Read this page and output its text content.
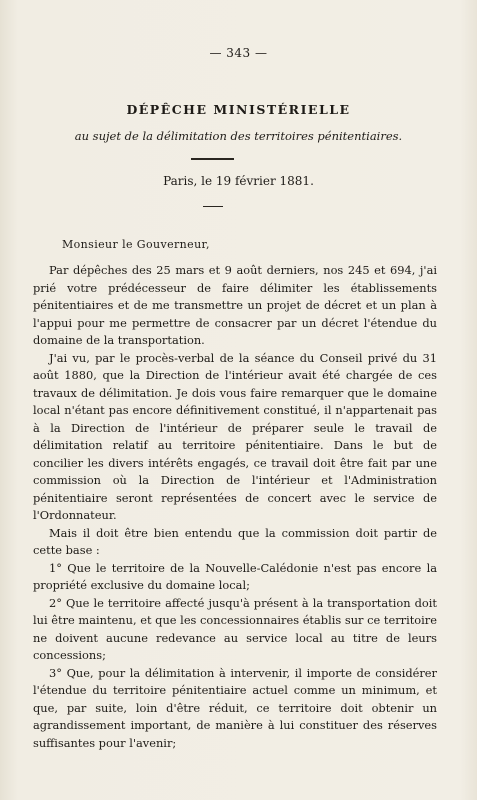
— 343 —
DÉPÊCHE MINISTÉRIELLE
au sujet de la délimitation des territoires pénitentiaires.
Paris, le 19 février 1881.
Monsieur le Gouverneur,

Par dépêches des 25 mars et 9 août derniers, nos 245 et 694, j'ai prié votre prédécesseur de faire délimiter les établissements pénitentiaires et de me transmettre un projet de décret et un plan à l'appui pour me permettre de consacrer par un décret l'étendue du domaine de la transportation.

J'ai vu, par le procès-verbal de la séance du Conseil privé du 31 août 1880, que la Direction de l'intérieur avait été chargée de ces travaux de délimitation. Je dois vous faire remarquer que le domaine local n'étant pas encore définitivement constitué, il n'appartenait pas à la Direction de l'intérieur de préparer seule le travail de délimitation relatif au territoire pénitentiaire. Dans le but de concilier les divers intérêts engagés, ce travail doit être fait par une commission où la Direction de l'intérieur et l'Administration pénitentiaire seront représentées de concert avec le service de l'Ordonnateur.

Mais il doit être bien entendu que la commission doit partir de cette base :

1° Que le territoire de la Nouvelle-Calédonie n'est pas encore la propriété exclusive du domaine local;

2° Que le territoire affecté jusqu'à présent à la transportation doit lui être maintenu, et que les concessionnaires établis sur ce territoire ne doivent aucune redevance au service local au titre de leurs concessions;

3° Que, pour la délimitation à intervenir, il importe de considérer l'étendue du territoire pénitentiaire actuel comme un minimum, et que, par suite, loin d'être réduit, ce territoire doit obtenir un agrandissement important, de manière à lui constituer des réserves suffisantes pour l'avenir;
